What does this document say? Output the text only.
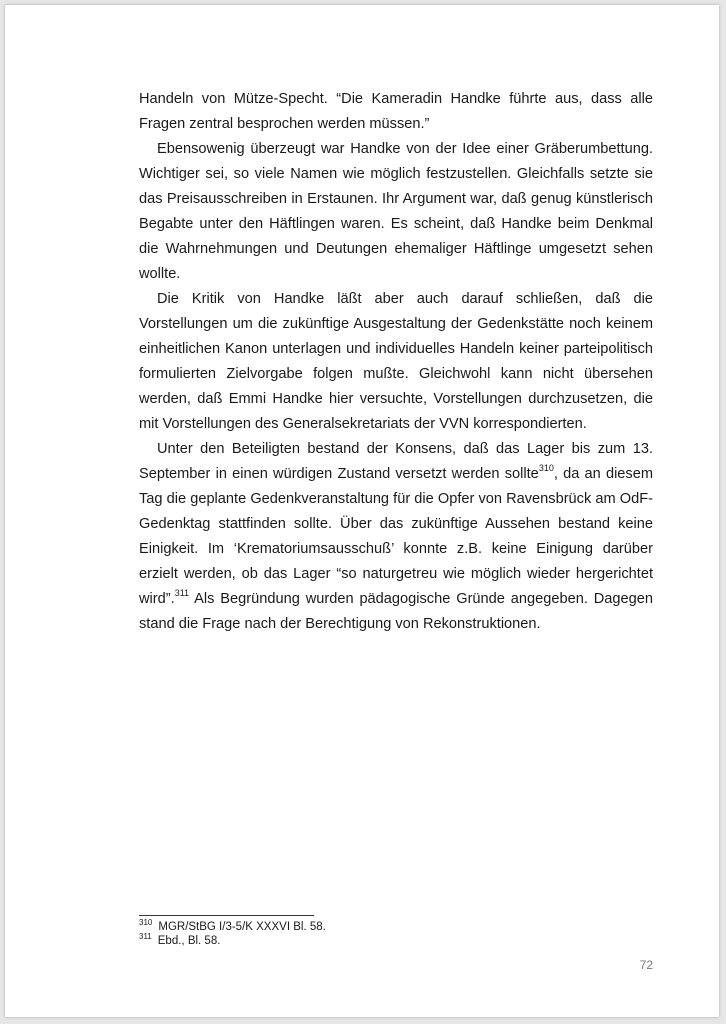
Handeln von Mütze-Specht. “Die Kameradin Handke führte aus, dass alle Fragen zentral besprochen werden müssen.”

Ebensowenig überzeugt war Handke von der Idee einer Gräberumbettung. Wichtiger sei, so viele Namen wie möglich festzustellen. Gleichfalls setzte sie das Preisausschreiben in Erstaunen. Ihr Argument war, daß genug künstlerisch Begabte unter den Häftlingen waren. Es scheint, daß Handke beim Denkmal die Wahrnehmungen und Deutungen ehemaliger Häftlinge umgesetzt sehen wollte.

Die Kritik von Handke läßt aber auch darauf schließen, daß die Vorstellungen um die zukünftige Ausgestaltung der Gedenkstätte noch keinem einheitlichen Kanon unterlagen und individuelles Handeln keiner parteipolitisch formulierten Zielvorgabe folgen mußte. Gleichwohl kann nicht übersehen werden, daß Emmi Handke hier versuchte, Vorstellungen durchzusetzen, die mit Vorstellungen des Generalsekretariats der VVN korrespondierten.

Unter den Beteiligten bestand der Konsens, daß das Lager bis zum 13. September in einen würdigen Zustand versetzt werden sollte$^{310}$, da an diesem Tag die geplante Gedenkveranstaltung für die Opfer von Ravensbrück am OdF-Gedenktag stattfinden sollte. Über das zukünftige Aussehen bestand keine Einigkeit. Im ‘Krematoriumsausschuß’ konnte z.B. keine Einigung darüber erzielt werden, ob das Lager “so naturgetreu wie möglich wieder hergerichtet wird”.$^{311}$ Als Begründung wurden pädagogische Gründe angegeben. Dagegen stand die Frage nach der Berechtigung von Rekonstruktionen.

$^{310}$ MGR/StBG I/3-5/K XXXVI Bl. 58.
$^{311}$ Ebd., Bl. 58.
72
